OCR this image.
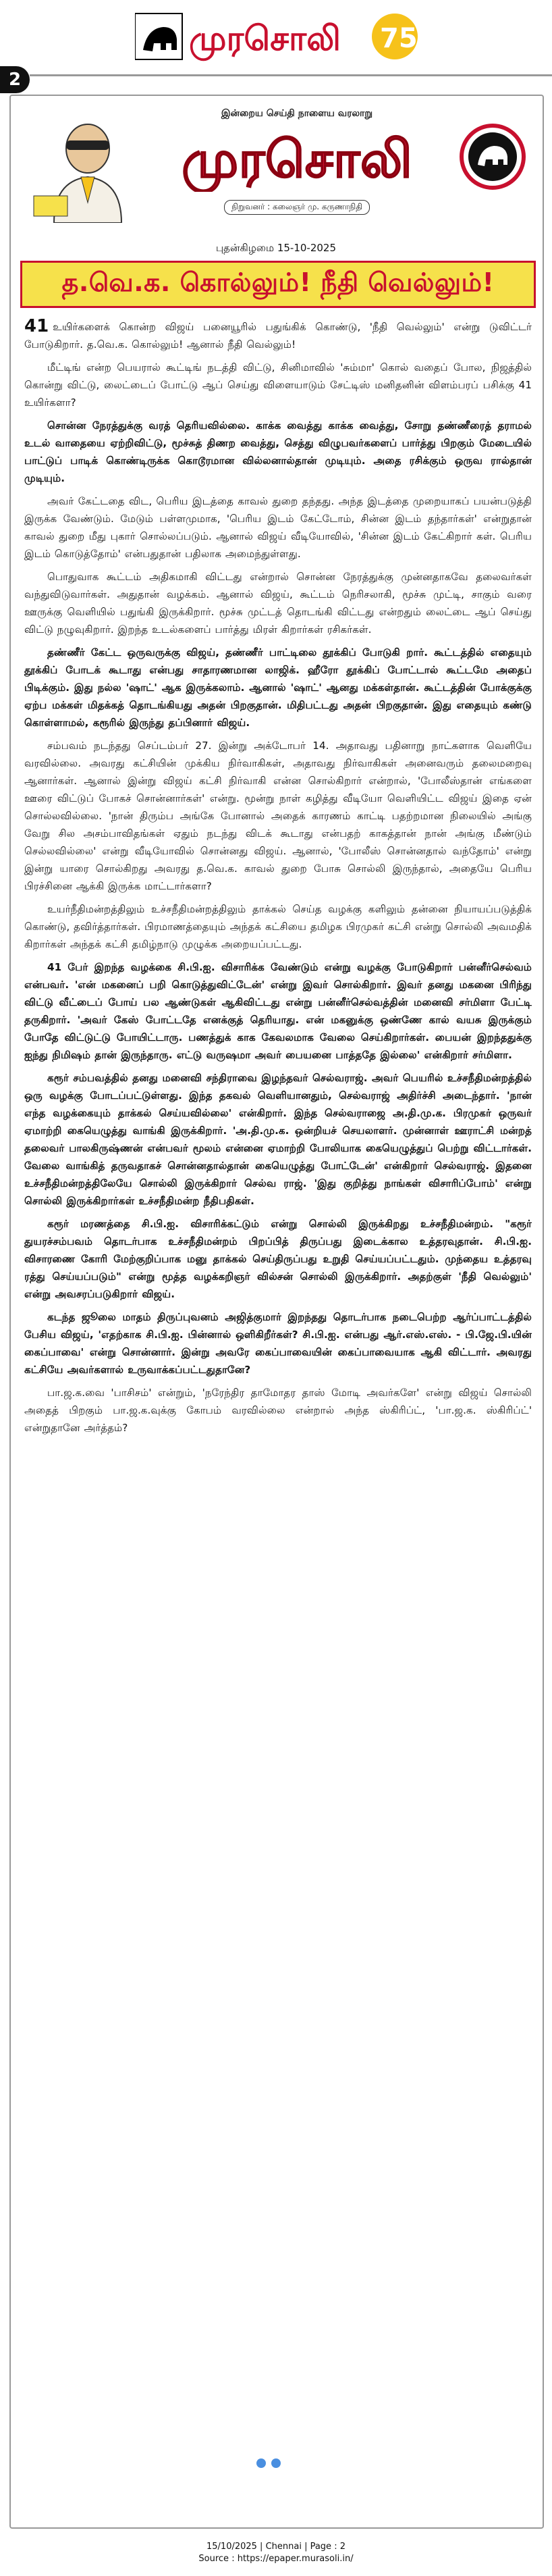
முரசொலி 75
2
இன்றைய செய்தி நாளைய வரலாறு
முரசொலி
நிறுவனர் : கலைஞர் மு. கருணாநிதி
புதன்கிழமை 15-10-2025
த.வெ.க. கொல்லும்! நீதி வெல்லும்!

41 உயிர்களைக் கொன்ற விஜய் பனையூரில் பதுங்கிக் கொண்டு, 'நீதி வெல்லும்' என்று டுவிட்டர் போடுகிறார். த.வெ.க. கொல்லும்! ஆனால் நீதி வெல்லும்!

மீட்டிங் என்ற பெயரால் கூட்டிங் நடத்தி விட்டு, சினிமாவில் 'சும்மா' கொல் வதைப் போல, நிஜத்தில் கொன்று விட்டு, லைட்டைப் போட்டு ஆப் செய்து விளையாடும் சேட்டிஸ் மனிதனின் விளம்பரப் பசிக்கு 41 உயிர்களா?

சொன்ன நேரத்துக்கு வரத் தெரியவில்லை. காக்க வைத்து காக்க வைத்து, சோறு தண்ணீரைத் தராமல் உடல் வாதையை ஏற்றிவிட்டு, மூச்சுத் திணற வைத்து, செத்து விழுபவர்களைப் பார்த்து பிறகும் மேடையில் பாட்டுப் பாடிக் கொண்டிருக்க கொடூரமான வில்லனால்தான் முடியும். அதை ரசிக்கும் ஒருவ ரால்தான் முடியும்.

அவர் கேட்டதை விட, பெரிய இடத்தை காவல் துறை தந்தது. அந்த இடத்தை முறையாகப் பயன்படுத்தி இருக்க வேண்டும். மேடும் பள்ளமுமாக, 'பெரிய இடம் கேட்டோம், சின்ன இடம் தந்தார்கள்' என்றுதான் காவல் துறை மீது புகார் சொல்லப்படும். ஆனால் விஜய் வீடியோவில், 'சின்ன இடம் கேட்கிறார் கள். பெரிய இடம் கொடுத்தோம்' என்பதுதான் பதிலாக அமைந்துள்ளது.

பொதுவாக கூட்டம் அதிகமாகி விட்டது என்றால் சொன்ன நேரத்துக்கு முன்னதாகவே தலைவர்கள் வந்துவிடுவார்கள். அதுதான் வழக்கம். ஆனால் விஜய், கூட்டம் நெரிசலாகி, மூச்சு முட்டி, சாகும் வரை ஊருக்கு வெளியில் பதுங்கி இருக்கிறார். மூச்சு முட்டத் தொடங்கி விட்டது என்றதும் லைட்டை ஆப் செய்து விட்டு நழுவுகிறார். இறந்த உடல்களைப் பார்த்து மிரள் கிறார்கள் ரசிகர்கள்.

தண்ணீர் கேட்ட ஒருவருக்கு விஜய், தண்ணீர் பாட்டிலை தூக்கிப் போடுகி றார். கூட்டத்தில் எதையும் தூக்கிப் போடக் கூடாது என்பது சாதாரணமான லாஜிக். ஹீரோ தூக்கிப் போட்டால் கூட்டமே அதைப் பிடிக்கும். இது நல்ல 'ஷாட்' ஆக இருக்கலாம். ஆனால் 'ஷாட்' ஆனது மக்கள்தான். கூட்டத்தின் போக்குக்கு ஏற்ப மக்கள் மிதக்கத் தொடங்கியது அதன் பிறகுதான். மிதிபட்டது அதன் பிறகுதான். இது எதையும் கண்டு கொள்ளாமல், கரூரில் இருந்து தப்பினார் விஜய்.

சம்பவம் நடந்தது செப்டம்பர் 27. இன்று அக்டோபர் 14. அதாவது பதினாறு நாட்களாக வெளியே வரவில்லை. அவரது கட்சியின் முக்கிய நிர்வாகிகள், அதாவது நிர்வாகிகள் அனைவரும் தலைமறைவு ஆனார்கள். ஆனால் இன்று விஜய் கட்சி நிர்வாகி என்ன சொல்கிறார் என்றால், 'போலீஸ்தான் எங்களை ஊரை விட்டுப் போகச் சொன்னார்கள்' என்று. மூன்று நாள் கழித்து வீடியோ வெளியிட்ட விஜய் இதை ஏன் சொல்லவில்லை. 'நான் திரும்ப அங்கே போனால் அதைக் காரணம் காட்டி பதற்றமான நிலையில் அங்கு வேறு சில அசம்பாவிதங்கள் ஏதும் நடந்து விடக் கூடாது என்பதற் காகத்தான் நான் அங்கு மீண்டும் செல்லவில்லை' என்று வீடியோவில் சொன்னது விஜய். ஆனால், 'போலீஸ் சொன்னதால் வந்தோம்' என்று இன்று யாரை சொல்கிறது அவரது த.வெ.க. காவல் துறை போசு சொல்லி இருந்தால், அதையே பெரிய பிரச்சினை ஆக்கி இருக்க மாட்டார்களா?

உயர்நீதிமன்றத்திலும் உச்சநீதிமன்றத்திலும் தாக்கல் செய்த வழக்கு களிலும் தன்னை நியாயப்படுத்திக் கொண்டு, தவிர்த்தார்கள். பிரமாணத்தையும் அந்தக் கட்சியை தமிழக பிரமுகர் கட்சி என்று சொல்லி அவமதிக் கிறார்கள் அந்தக் கட்சி தமிழ்நாடு முழுக்க அறையப்பட்டது.

41 பேர் இறந்த வழக்கை சி.பி.ஐ. விசாரிக்க வேண்டும் என்று வழக்கு போடுகிறார் பன்னீர்செல்வம் என்பவர். 'என் மகனைப் பறி கொடுத்துவிட்டேன்' என்று இவர் சொல்கிறார். இவர் தனது மகனை பிரிந்து விட்டு வீட்டைப் போய் பல ஆண்டுகள் ஆகிவிட்டது என்று பன்னீர்செல்வத்தின் மனைவி சர்மிளா பேட்டி தருகிறார். 'அவர் கேஸ் போட்டதே எனக்குத் தெரியாது. என் மகனுக்கு ஒண்ணே கால் வயசு இருக்கும் போதே விட்டுட்டு போயிட்டாரு. பணத்துக் காக கேவலமாக வேலை செய்கிறார்கள். பையன் இறந்ததுக்கு ஐந்து நிமிஷம் தான் இருந்தாரு. எட்டு வருஷமா அவர் பையனை பாத்ததே இல்லை' என்கிறார் சர்மிளா.

கரூர் சம்பவத்தில் தனது மனைவி சந்திராவை இழந்தவர் செல்வராஜ். அவர் பெயரில் உச்சநீதிமன்றத்தில் ஒரு வழக்கு போடப்பட்டுள்ளது. இந்த தகவல் வெளியானதும், செல்வராஜ் அதிர்ச்சி அடைந்தார். 'நான் எந்த வழக்கையும் தாக்கல் செய்யவில்லை' என்கிறார். இந்த செல்வராஜை அ.தி.மு.க. பிரமுகர் ஒருவர் ஏமாற்றி கையெழுத்து வாங்கி இருக்கிறார். 'அ.தி.மு.க. ஒன்றியச் செயலாளர். முன்னாள் ஊராட்சி மன்றத் தலைவர் பாலகிருஷ்ணன் என்பவர் மூலம் என்னை ஏமாற்றி போலியாக கையெழுத்துப் பெற்று விட்டார்கள். வேலை வாங்கித் தருவதாகச் சொன்னதால்தான் கையெழுத்து போட்டேன்' என்கிறார் செல்வராஜ். இதனை உச்சநீதிமன்றத்திலேயே சொல்லி இருக்கிறார் செல்வ ராஜ். 'இது குறித்து நாங்கள் விசாரிப்போம்' என்று சொல்லி இருக்கிறார்கள் உச்சநீதிமன்ற நீதிபதிகள்.

கரூர் மரணத்தை சி.பி.ஐ. விசாரிக்கட்டும் என்று சொல்லி இருக்கிறது உச்சநீதிமன்றம். "கரூர் துயரச்சம்பவம் தொடர்பாக உச்சநீதிமன்றம் பிறப்பித் திருப்பது இடைக்கால உத்தரவுதான். சி.பி.ஐ. விசாரணை கோரி மேற்குறிப்பாக மனு தாக்கல் செய்திருப்பது உறுதி செய்யப்பட்டதும். முந்தைய உத்தரவு ரத்து செய்யப்படும்" என்று மூத்த வழக்கறிஞர் வில்சன் சொல்லி இருக்கிறார். அதற்குள் 'நீதி வெல்லும்' என்று அவசரப்படுகிறார் விஜய்.

கடந்த ஜூலை மாதம் திருப்புவனம் அஜித்குமார் இறந்தது தொடர்பாக நடைபெற்ற ஆர்ப்பாட்டத்தில் பேசிய விஜய், 'எதற்காக சி.பி.ஐ. பின்னால் ஒளிகிறீர்கள்? சி.பி.ஐ. என்பது ஆர்.எஸ்.எஸ். - பி.ஜே.பி.யின் கைப்பாவை' என்று சொன்னார். இன்று அவரே கைப்பாவையின் கைப்பாவையாக ஆகி விட்டார். அவரது கட்சியே அவர்களால் உருவாக்கப்பட்டதுதானே?

பா.ஜ.க.வை 'பாசிசம்' என்றும், 'நரேந்திர தாமோதர தாஸ் மோடி அவர்களே' என்று விஜய் சொல்லி அதைத் பிறகும் பா.ஜ.க.வுக்கு கோபம் வரவில்லை என்றால் அந்த ஸ்கிரிப்ட், 'பா.ஜ.க. ஸ்கிரிப்ட்' என்றுதானே அர்த்தம்?

15/10/2025 | Chennai | Page : 2
Source : https://epaper.murasoli.in/
